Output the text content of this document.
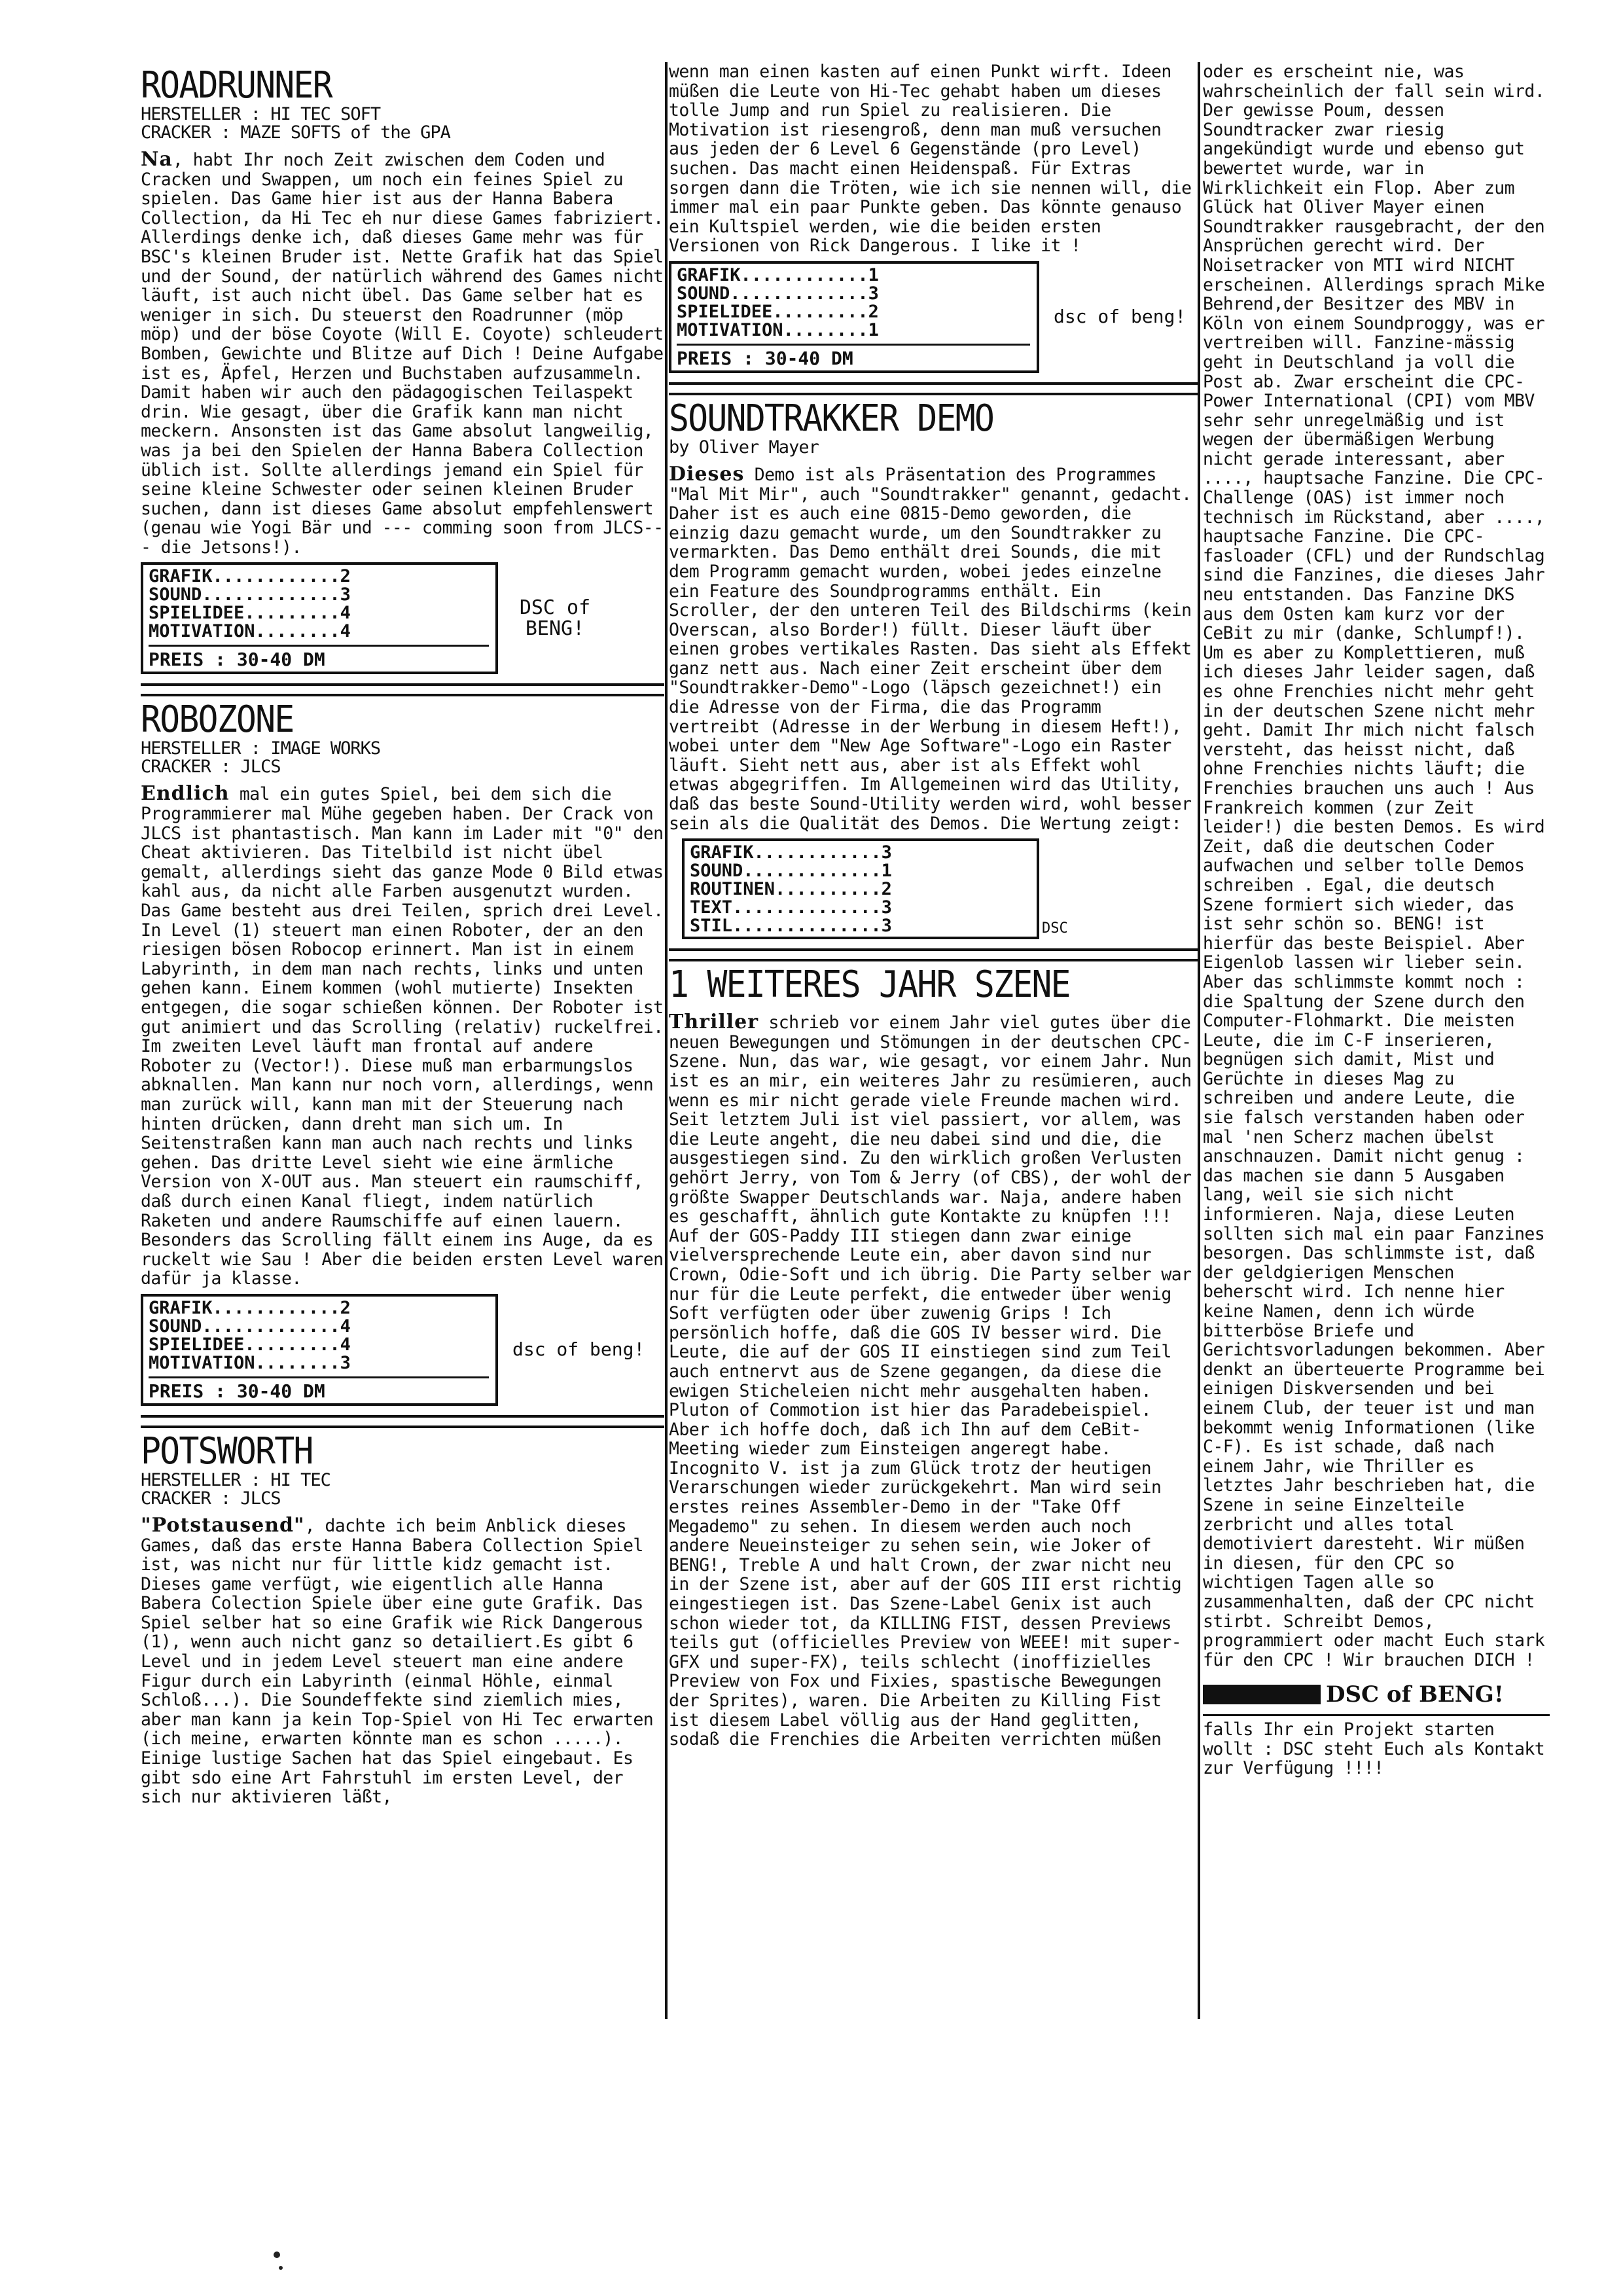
ROADRUNNER
HERSTELLER : HI TEC SOFT
CRACKER : MAZE SOFTS of the GPA
Na, habt Ihr noch Zeit zwischen dem Coden und Cracken und Swappen, um noch ein feines Spiel zu spielen. Das Game hier ist aus der Hanna Babera Collection, da Hi Tec eh nur diese Games fabriziert. Allerdings denke ich, daß dieses Game mehr was für BSC's kleinen Bruder ist. Nette Grafik hat das Spiel und der Sound, der natürlich während des Games nicht läuft, ist auch nicht übel. Das Game selber hat es weniger in sich. Du steuerst den Roadrunner (möp möp) und der böse Coyote (Will E. Coyote) schleudert Bomben, Gewichte und Blitze auf Dich ! Deine Aufgabe ist es, Äpfel, Herzen und Buchstaben aufzusammeln. Damit haben wir auch den pädagogischen Teilaspekt drin. Wie gesagt, über die Grafik kann man nicht meckern. Ansonsten ist das Game absolut langweilig, was ja bei den Spielen der Hanna Babera Collection üblich ist. Sollte allerdings jemand ein Spiel für seine kleine Schwester oder seinen kleinen Bruder suchen, dann ist dieses Game absolut empfehlenswert (genau wie Yogi Bär und --- comming soon from JLCS--- die Jetsons!).
GRAFIK............2
SOUND.............3
SPIELIDEE.........4
MOTIVATION........4
PREIS : 30-40 DM
DSC of BENG!
ROBOZONE
HERSTELLER : IMAGE WORKS
CRACKER : JLCS
Endlich mal ein gutes Spiel, bei dem sich die Programmierer mal Mühe gegeben haben. Der Crack von JLCS ist phantastisch. Man kann im Lader mit "0" den Cheat aktivieren. Das Titelbild ist nicht übel gemalt, allerdings sieht das ganze Mode 0 Bild etwas kahl aus, da nicht alle Farben ausgenutzt wurden. Das Game besteht aus drei Teilen, sprich drei Level. In Level (1) steuert man einen Roboter, der an den riesigen bösen Robocop erinnert. Man ist in einem Labyrinth, in dem man nach rechts, links und unten gehen kann. Einem kommen (wohl mutierte) Insekten entgegen, die sogar schießen können. Der Roboter ist gut animiert und das Scrolling (relativ) ruckelfrei. Im zweiten Level läuft man frontal auf andere Roboter zu (Vector!). Diese muß man erbarmungslos abknallen. Man kann nur noch vorn, allerdings, wenn man zurück will, kann man mit der Steuerung nach hinten drücken, dann dreht man sich um. In Seitenstraßen kann man auch nach rechts und links gehen. Das dritte Level sieht wie eine ärmliche Version von X-OUT aus. Man steuert ein raumschiff, daß durch einen Kanal fliegt, indem natürlich Raketen und andere Raumschiffe auf einen lauern. Besonders das Scrolling fällt einem ins Auge, da es ruckelt wie Sau ! Aber die beiden ersten Level waren dafür ja klasse.
GRAFIK............2
SOUND.............4
SPIELIDEE.........4
MOTIVATION........3
PREIS : 30-40 DM
dsc of beng!
POTSWORTH
HERSTELLER : HI TEC
CRACKER : JLCS
"Potstausend", dachte ich beim Anblick dieses Games, daß das erste Hanna Babera Collection Spiel ist, was nicht nur für little kidz gemacht ist. Dieses game verfügt, wie eigentlich alle Hanna Babera Colection Spiele über eine gute Grafik. Das Spiel selber hat so eine Grafik wie Rick Dangerous (1), wenn auch nicht ganz so detailiert.Es gibt 6 Level und in jedem Level steuert man eine andere Figur durch ein Labyrinth (einmal Höhle, einmal Schloß...). Die Soundeffekte sind ziemlich mies, aber man kann ja kein Top-Spiel von Hi Tec erwarten (ich meine, erwarten könnte man es schon .....). Einige lustige Sachen hat das Spiel eingebaut. Es gibt sdo eine Art Fahrstuhl im ersten Level, der sich nur aktivieren läßt,
wenn man einen kasten auf einen Punkt wirft. Ideen müßen die Leute von Hi-Tec gehabt haben um dieses tolle Jump and run Spiel zu realisieren. Die Motivation ist riesengroß, denn man muß versuchen aus jeden der 6 Level 6 Gegenstände (pro Level) suchen. Das macht einen Heidenspaß. Für Extras sorgen dann die Tröten, wie ich sie nennen will, die immer mal ein paar Punkte geben. Das könnte genauso ein Kultspiel werden, wie die beiden ersten Versionen von Rick Dangerous. I like it !
GRAFIK............1
SOUND.............3
SPIELIDEE.........2
MOTIVATION........1
PREIS : 30-40 DM
dsc of beng!
SOUNDTRAKKER DEMO
by Oliver Mayer
Dieses Demo ist als Präsentation des Programmes "Mal Mit Mir", auch "Soundtrakker" genannt, gedacht. Daher ist es auch eine 0815-Demo geworden, die einzig dazu gemacht wurde, um den Soundtrakker zu vermarkten. Das Demo enthält drei Sounds, die mit dem Programm gemacht wurden, wobei jedes einzelne ein Feature des Soundprogramms enthält. Ein Scroller, der den unteren Teil des Bildschirms (kein Overscan, also Border!) füllt. Dieser läuft über einen grobes vertikales Rasten. Das sieht als Effekt ganz nett aus. Nach einer Zeit erscheint über dem "Soundtrakker-Demo"-Logo (läpsch gezeichnet!) ein die Adresse von der Firma, die das Programm vertreibt (Adresse in der Werbung in diesem Heft!), wobei unter dem "New Age Software"-Logo ein Raster läuft. Sieht nett aus, aber ist als Effekt wohl etwas abgegriffen. Im Allgemeinen wird das Utility, daß das beste Sound-Utility werden wird, wohl besser sein als die Qualität des Demos. Die Wertung zeigt:
GRAFIK............3
SOUND.............1
ROUTINEN..........2
TEXT..............3
STIL..............3	DSC
1 WEITERES JAHR SZENE
Thriller schrieb vor einem Jahr viel gutes über die neuen Bewegungen und Stömungen in der deutschen CPC-Szene. Nun, das war, wie gesagt, vor einem Jahr. Nun ist es an mir, ein weiteres Jahr zu resümieren, auch wenn es mir nicht gerade viele Freunde machen wird. Seit letztem Juli ist viel passiert, vor allem, was die Leute angeht, die neu dabei sind und die, die ausgestiegen sind. Zu den wirklich großen Verlusten gehört Jerry, von Tom & Jerry (of CBS), der wohl der größte Swapper Deutschlands war. Naja, andere haben es geschafft, ähnlich gute Kontakte zu knüpfen !!! Auf der GOS-Paddy III stiegen dann zwar einige vielversprechende Leute ein, aber davon sind nur Crown, Odie-Soft und ich übrig. Die Party selber war nur für die Leute perfekt, die entweder über wenig Soft verfügten oder über zuwenig Grips ! Ich persönlich hoffe, daß die GOS IV besser wird. Die Leute, die auf der GOS II einstiegen sind zum Teil auch entnervt aus de Szene gegangen, da diese die ewigen Sticheleien nicht mehr ausgehalten haben. Pluton of Commotion ist hier das Paradebeispiel. Aber ich hoffe doch, daß ich Ihn auf dem CeBit-Meeting wieder zum Einsteigen angeregt habe. Incognito V. ist ja zum Glück trotz der heutigen Verarschungen wieder zurückgekehrt. Man wird sein erstes reines Assembler-Demo in der "Take Off Megademo" zu sehen. In diesem werden auch noch andere Neueinsteiger zu sehen sein, wie Joker of BENG!, Treble A und halt Crown, der zwar nicht neu in der Szene ist, aber auf der GOS III erst richtig eingestiegen ist. Das Szene-Label Genix ist auch schon wieder tot, da KILLING FIST, dessen Previews teils gut (officielles Preview von WEEE! mit super-GFX und super-FX), teils schlecht (inoffizielles Preview von Fox und Fixies, spastische Bewegungen der Sprites), waren. Die Arbeiten zu Killing Fist ist diesem Label völlig aus der Hand geglitten, sodaß die Frenchies die Arbeiten verrichten müßen
oder es erscheint nie, was wahrscheinlich der fall sein wird. Der gewisse Poum, dessen Soundtracker zwar riesig angekündigt wurde und ebenso gut bewertet wurde, war in Wirklichkeit ein Flop. Aber zum Glück hat Oliver Mayer einen Soundtrakker rausgebracht, der den Ansprüchen gerecht wird. Der Noisetracker von MTI wird NICHT erscheinen. Allerdings sprach Mike Behrend,der Besitzer des MBV in Köln von einem Soundproggy, was er vertreiben will. Fanzine-mässig geht in Deutschland ja voll die Post ab. Zwar erscheint die CPC-Power International (CPI) vom MBV sehr sehr unregelmäßig und ist wegen der übermäßigen Werbung nicht gerade interessant, aber ...., hauptsache Fanzine. Die CPC-Challenge (OAS) ist immer noch technisch im Rückstand, aber ...., hauptsache Fanzine. Die CPC-fasloader (CFL) und der Rundschlag sind die Fanzines, die dieses Jahr neu entstanden. Das Fanzine DKS aus dem Osten kam kurz vor der CeBit zu mir (danke, Schlumpf!). Um es aber zu Komplettieren, muß ich dieses Jahr leider sagen, daß es ohne Frenchies nicht mehr geht in der deutschen Szene nicht mehr geht. Damit Ihr mich nicht falsch versteht, das heisst nicht, daß ohne Frenchies nichts läuft; die Frenchies brauchen uns auch ! Aus Frankreich kommen (zur Zeit leider!) die besten Demos. Es wird Zeit, daß die deutschen Coder aufwachen und selber tolle Demos schreiben . Egal, die deutsch Szene formiert sich wieder, das ist sehr schön so. BENG! ist hierfür das beste Beispiel. Aber Eigenlob lassen wir lieber sein. Aber das schlimmste kommt noch : die Spaltung der Szene durch den Computer-Flohmarkt. Die meisten Leute, die im C-F inserieren, begnügen sich damit, Mist und Gerüchte in dieses Mag zu schreiben und andere Leute, die sie falsch verstanden haben oder mal 'nen Scherz machen übelst anschnauzen. Damit nicht genug : das machen sie dann 5 Ausgaben lang, weil sie sich nicht informieren. Naja, diese Leuten sollten sich mal ein paar Fanzines besorgen. Das schlimmste ist, daß der geldgierigen Menschen beherscht wird. Ich nenne hier keine Namen, denn ich würde bitterböse Briefe und Gerichtsvorladungen bekommen. Aber denkt an überteuerte Programme bei einigen Diskversenden und bei einem Club, der teuer ist und man bekommt wenig Informationen (like C-F). Es ist schade, daß nach einem Jahr, wie Thriller es letztes Jahr beschrieben hat, die Szene in seine Einzelteile zerbricht und alles total demotiviert daresteht. Wir müßen in diesen, für den CPC so wichtigen Tagen alle so zusammenhalten, daß der CPC nicht stirbt. Schreibt Demos, programmiert oder macht Euch stark für den CPC ! Wir brauchen DICH !
DSC of BENG!
falls Ihr ein Projekt starten wollt : DSC steht Euch als Kontakt zur Verfügung !!!!
